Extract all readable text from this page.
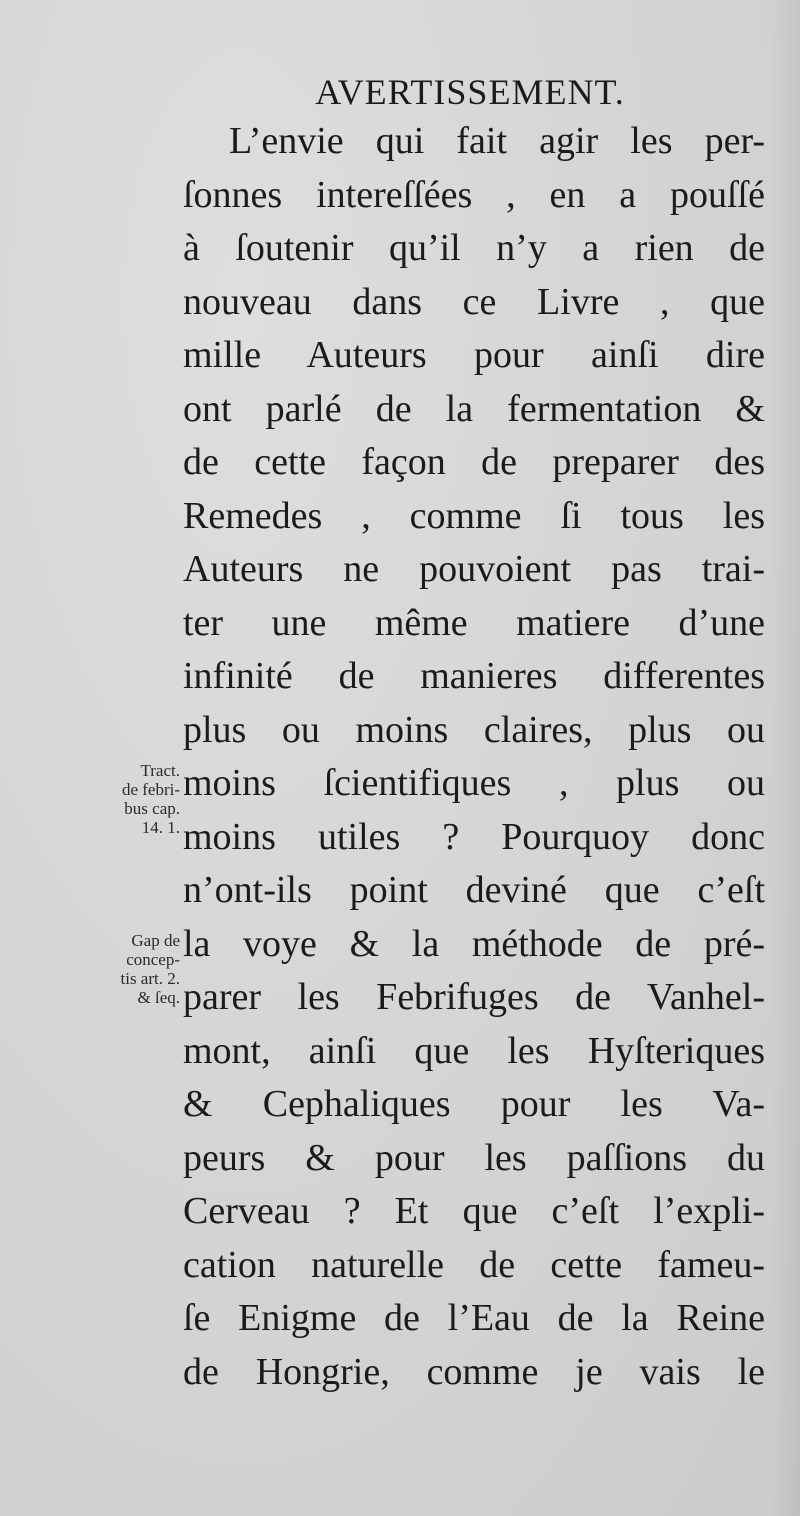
AVERTISSEMENT.
L’envie qui fait agir les per-
ſonnes intereſſées , en a pouſſé
à ſoutenir qu’il n’y a rien de
nouveau dans ce Livre , que
mille Auteurs pour ainſi dire
ont parlé de la fermentation &
de cette façon de preparer des
Remedes , comme ſi tous les
Auteurs ne pouvoient pas trai-
ter une même matiere d’une
infinité de manieres differentes
plus ou moins claires, plus ou
moins ſcientifiques , plus ou
moins utiles ? Pourquoy donc
n’ont-ils point deviné que c’eſt
la voye & la méthode de pré-
parer les Febrifuges de Vanhel-
mont, ainſi que les Hyſteriques
& Cephaliques pour les Va-
peurs & pour les paſſions du
Cerveau ? Et que c’eſt l’expli-
cation naturelle de cette fameu-
ſe Enigme de l’Eau de la Reine
de Hongrie, comme je vais le
Tract.
de febri-
bus cap.
14. 1.
Gap de
concep-
tis art. 2.
& ſeq.
